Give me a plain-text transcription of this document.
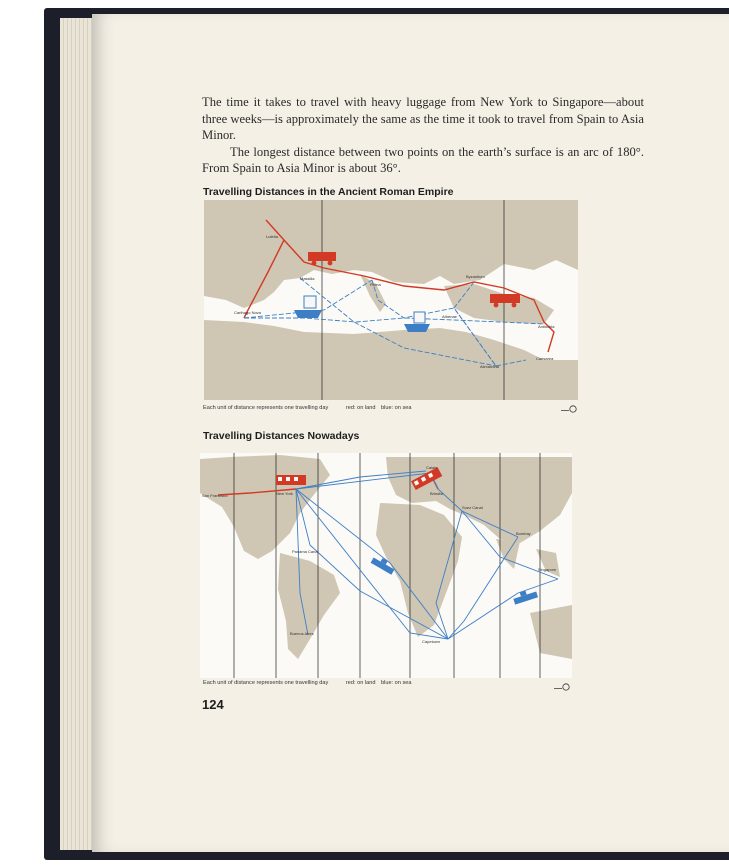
The time it takes to travel with heavy luggage from New York to Singapore—about three weeks—is approximately the same as the time it took to travel from Spain to Asia Minor.

The longest distance between two points on the earth’s surface is an arc of 180°. From Spain to Asia Minor is about 36°.

Travelling Distances in the Ancient Roman Empire
Lutetia
Massilia
Roma
Byzantium
Carthago Nova
Athenae
Antiochia
Alexandria
Caesarea
Each unit of distance represents one travelling day	red: on land blue: on sea
Travelling Distances Nowadays
San Francisco	New York
Calais
Brindisi
Suez Canal
Bombay
Panama Canal
Singapore
Buenos Aires
Capetown
Each unit of distance represents one travelling day	red: on land blue: on sea
124
